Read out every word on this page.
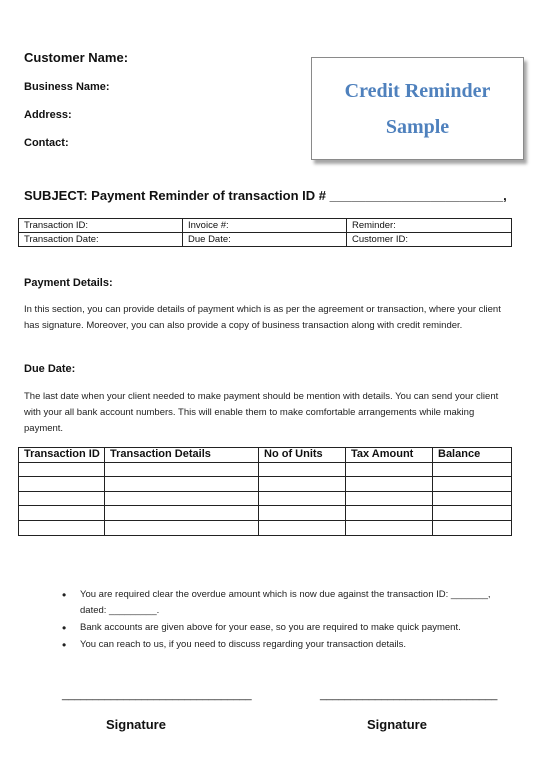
Customer Name:
Business Name:
Address:
Contact:
Credit Reminder
Sample
SUBJECT: Payment Reminder of transaction ID # ________________________,
Transaction ID:	Invoice #:	Reminder:
Transaction Date:	Due Date:	Customer ID:
Payment Details:
In this section, you can provide details of payment which is as per the agreement or transaction, where your client has signature. Moreover, you can also provide a copy of business transaction along with credit reminder.
Due Date:
The last date when your client needed to make payment should be mention with details. You can send your client with your all bank account numbers. This will enable them to make comfortable arrangements while making payment.
Transaction ID	Transaction Details	No of Units	Tax Amount	Balance

• You are required clear the overdue amount which is now due against the transaction ID: _______, dated: _________.
• Bank accounts are given above for your ease, so you are required to make quick payment.
• You can reach to us, if you need to discuss regarding your transaction details.
_______________________________	_____________________________
Signature	Signature
